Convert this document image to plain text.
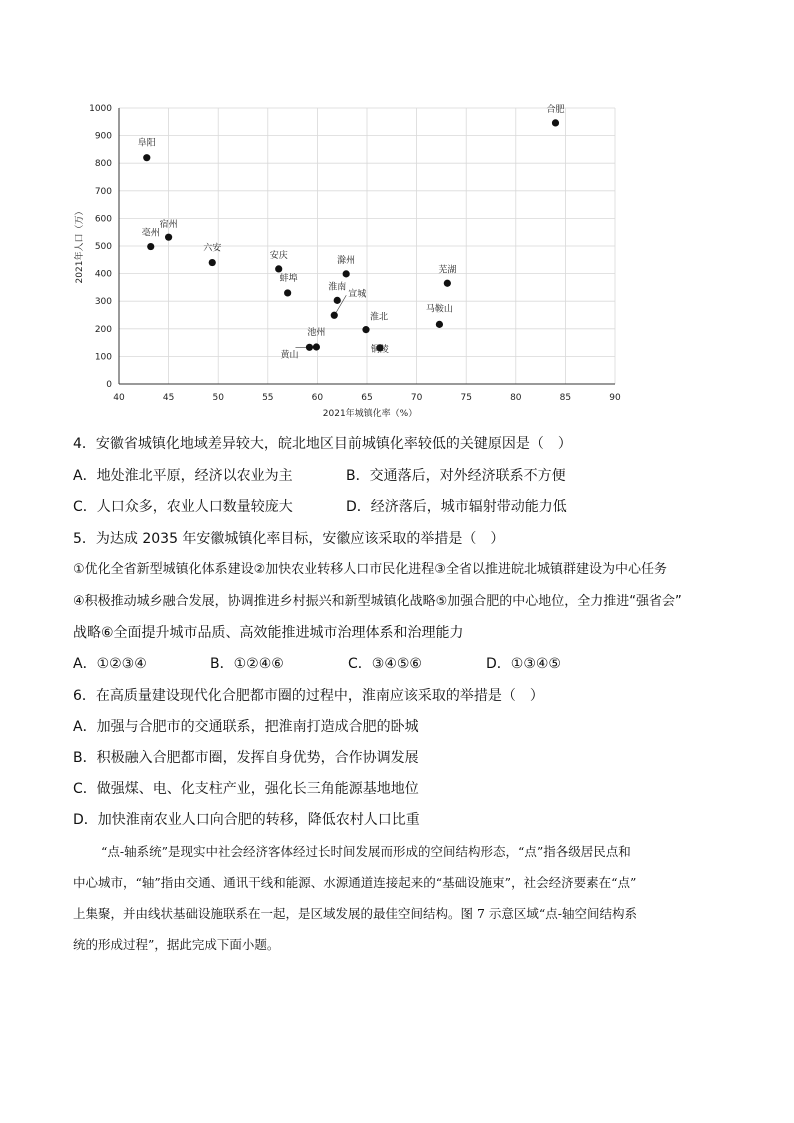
0
100
200
300
400
500
600
700
800
900
1000
40	45	50	55	60	65	70	75	80	85	90
合肥
阜阳
宿州
亳州
六安
安庆
蚌埠
滁州
淮南
宣城
淮北
铜陵
池州
黄山
芜湖
马鞍山
2021年城镇化率（%）
2021年人口（万）
4．安徽省城镇化地域差异较大，皖北地区目前城镇化率较低的关键原因是（　）
A．地处淮北平原，经济以农业为主	B．交通落后，对外经济联系不方便
C．人口众多，农业人口数量较庞大	D．经济落后，城市辐射带动能力低
5．为达成 2035 年安徽城镇化率目标，安徽应该采取的举措是（　）
①优化全省新型城镇化体系建设②加快农业转移人口市民化进程③全省以推进皖北城镇群建设为中心任务
④积极推动城乡融合发展，协调推进乡村振兴和新型城镇化战略⑤加强合肥的中心地位，全力推进“强省会”
战略⑥全面提升城市品质、高效能推进城市治理体系和治理能力
A．①②③④	B．①②④⑥	C．③④⑤⑥	D．①③④⑤
6．在高质量建设现代化合肥都市圈的过程中，淮南应该采取的举措是（　）
A．加强与合肥市的交通联系，把淮南打造成合肥的卧城
B．积极融入合肥都市圈，发挥自身优势，合作协调发展
C．做强煤、电、化支柱产业，强化长三角能源基地地位
D．加快淮南农业人口向合肥的转移，降低农村人口比重
“点-轴系统”是现实中社会经济客体经过长时间发展而形成的空间结构形态，“点”指各级居民点和
中心城市，“轴”指由交通、通讯干线和能源、水源通道连接起来的“基础设施束”，社会经济要素在“点”
上集聚，并由线状基础设施联系在一起，是区域发展的最佳空间结构。图 7 示意区域“点-轴空间结构系
统的形成过程”，据此完成下面小题。
